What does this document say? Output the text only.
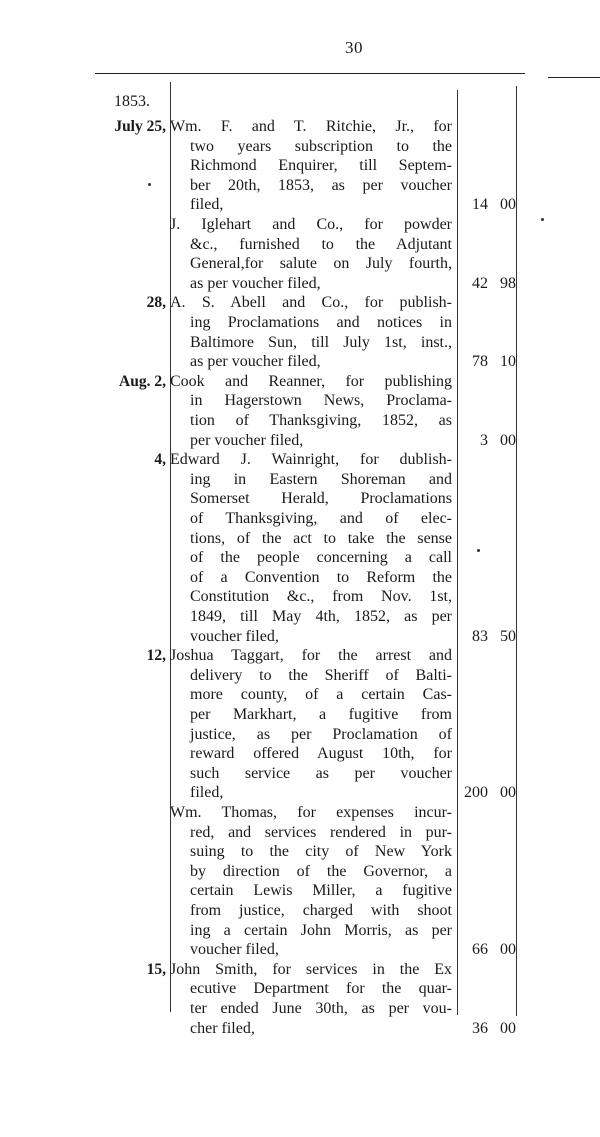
30
1853.
July 25, Wm. F. and T. Ritchie, Jr., for
two years subscription to the
Richmond Enquirer, till Septem-
ber 20th, 1853, as per voucher
filed,	14 00
J. Iglehart and Co., for powder
&c., furnished to the Adjutant
General,for salute on July fourth,
as per voucher filed,	42 98
28, A. S. Abell and Co., for publish-
ing Proclamations and notices in
Baltimore Sun, till July 1st, inst.,
as per voucher filed,	78 10
Aug. 2, Cook and Reanner, for publishing
in Hagerstown News, Proclama-
tion of Thanksgiving, 1852, as
per voucher filed,	3 00
4, Edward J. Wainright, for dublish-
ing in Eastern Shoreman and
Somerset Herald, Proclamations
of Thanksgiving, and of elec-
tions, of the act to take the sense
of the people concerning a call
of a Convention to Reform the
Constitution &c., from Nov. 1st,
1849, till May 4th, 1852, as per
voucher filed,	83 50
12, Joshua Taggart, for the arrest and
delivery to the Sheriff of Balti-
more county, of a certain Cas-
per Markhart, a fugitive from
justice, as per Proclamation of
reward offered August 10th, for
such service as per voucher
filed,	200 00
Wm. Thomas, for expenses incur-
red, and services rendered in pur-
suing to the city of New York
by direction of the Governor, a
certain Lewis Miller, a fugitive
from justice, charged with shoot
ing a certain John Morris, as per
voucher filed,	66 00
15, John Smith, for services in the Ex
ecutive Department for the quar-
ter ended June 30th, as per vou-
cher filed,	36 00
